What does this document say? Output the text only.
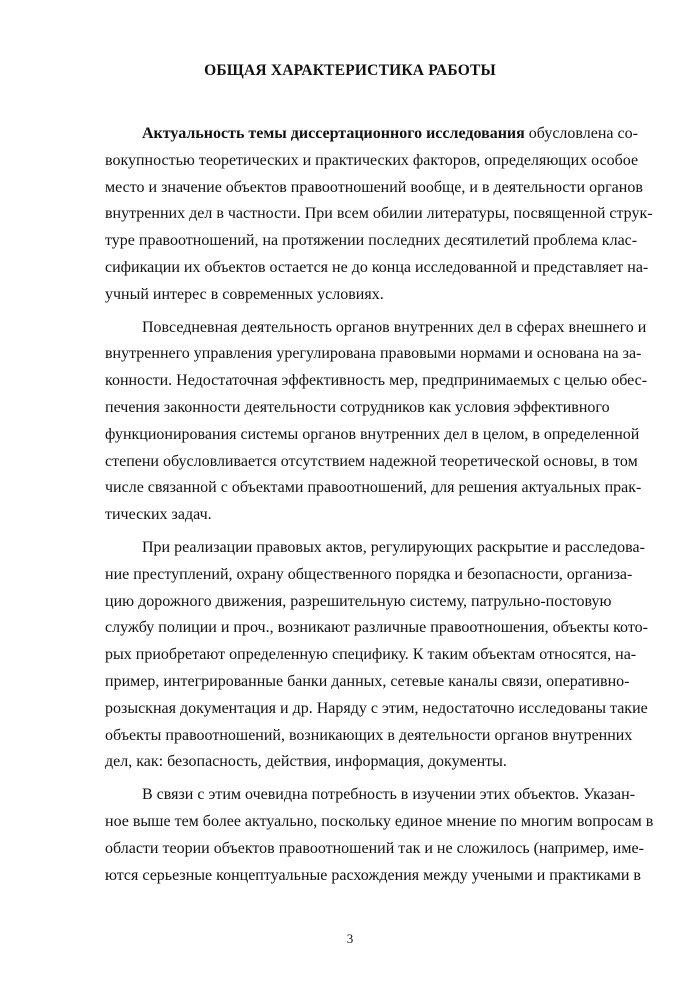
ОБЩАЯ ХАРАКТЕРИСТИКА РАБОТЫ
Актуальность темы диссертационного исследования обусловлена со-
вокупностью теоретических и практических факторов, определяющих особое
место и значение объектов правоотношений вообще, и в деятельности органов
внутренних дел в частности. При всем обилии литературы, посвященной струк-
туре правоотношений, на протяжении последних десятилетий проблема клас-
сификации их объектов остается не до конца исследованной и представляет на-
учный интерес в современных условиях.
Повседневная деятельность органов внутренних дел в сферах внешнего и
внутреннего управления урегулирована правовыми нормами и основана на за-
конности. Недостаточная эффективность мер, предпринимаемых с целью обес-
печения законности деятельности сотрудников как условия эффективного
функционирования системы органов внутренних дел в целом, в определенной
степени обусловливается отсутствием надежной теоретической основы, в том
числе связанной с объектами правоотношений, для решения актуальных прак-
тических задач.
При реализации правовых актов, регулирующих раскрытие и расследова-
ние преступлений, охрану общественного порядка и безопасности, организа-
цию дорожного движения, разрешительную систему, патрульно-постовую
службу полиции и проч., возникают различные правоотношения, объекты кото-
рых приобретают определенную специфику. К таким объектам относятся, на-
пример, интегрированные банки данных, сетевые каналы связи, оперативно-
розыскная документация и др. Наряду с этим, недостаточно исследованы такие
объекты правоотношений, возникающих в деятельности органов внутренних
дел, как: безопасность, действия, информация, документы.
В связи с этим очевидна потребность в изучении этих объектов. Указан-
ное выше тем более актуально, поскольку единое мнение по многим вопросам в
области теории объектов правоотношений так и не сложилось (например, име-
ются серьезные концептуальные расхождения между учеными и практиками в
3
